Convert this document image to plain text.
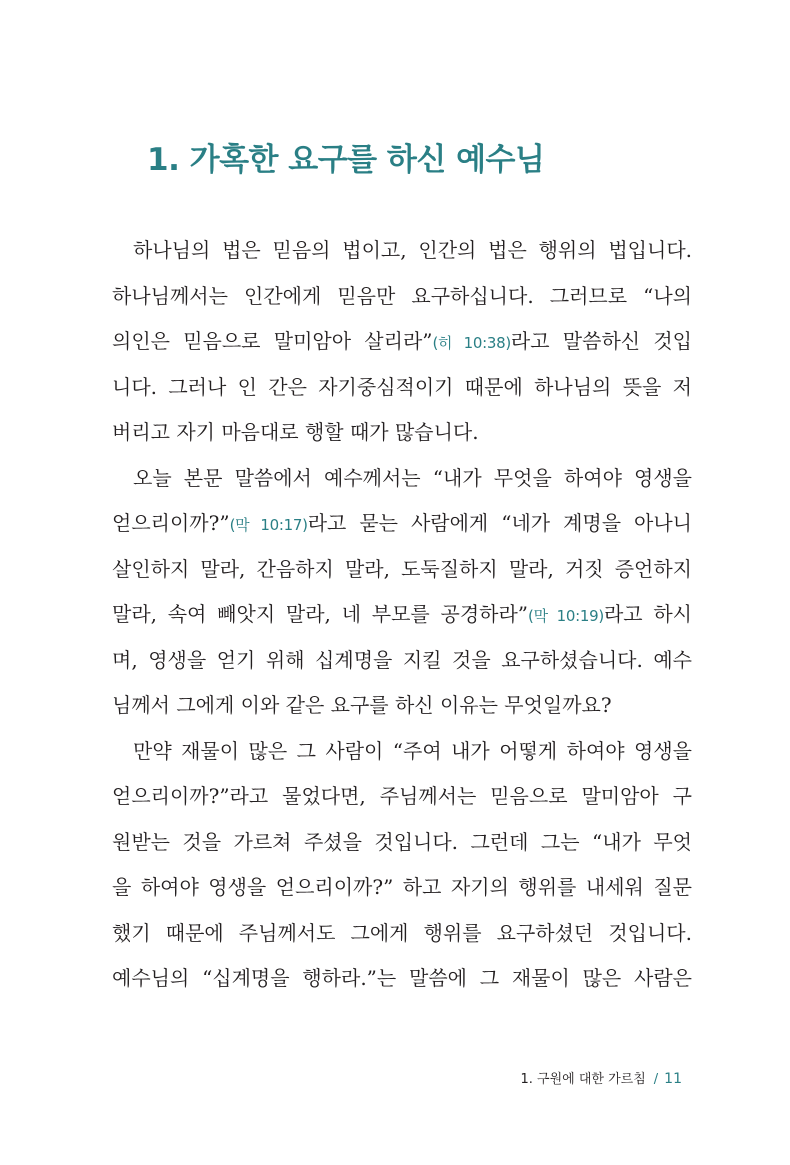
1. 가혹한 요구를 하신 예수님
하나님의 법은 믿음의 법이고, 인간의 법은 행위의 법입니다.
하나님께서는 인간에게 믿음만 요구하십니다. 그러므로 “나의
의인은 믿음으로 말미암아 살리라”(히 10:38)라고 말씀하신 것입
니다. 그러나 인 간은 자기중심적이기 때문에 하나님의 뜻을 저
버리고 자기 마음대로 행할 때가 많습니다.
오늘 본문 말씀에서 예수께서는 “내가 무엇을 하여야 영생을
얻으리이까?”(막 10:17)라고 묻는 사람에게 “네가 계명을 아나니
살인하지 말라, 간음하지 말라, 도둑질하지 말라, 거짓 증언하지
말라, 속여 빼앗지 말라, 네 부모를 공경하라”(막 10:19)라고 하시
며, 영생을 얻기 위해 십계명을 지킬 것을 요구하셨습니다. 예수
님께서 그에게 이와 같은 요구를 하신 이유는 무엇일까요?
만약 재물이 많은 그 사람이 “주여 내가 어떻게 하여야 영생을
얻으리이까?”라고 물었다면, 주님께서는 믿음으로 말미암아 구
원받는 것을 가르쳐 주셨을 것입니다. 그런데 그는 “내가 무엇
을 하여야 영생을 얻으리이까?” 하고 자기의 행위를 내세워 질문
했기 때문에 주님께서도 그에게 행위를 요구하셨던 것입니다.
예수님의 “십계명을 행하라.”는 말씀에 그 재물이 많은 사람은
1. 구원에 대한 가르침 / 11
